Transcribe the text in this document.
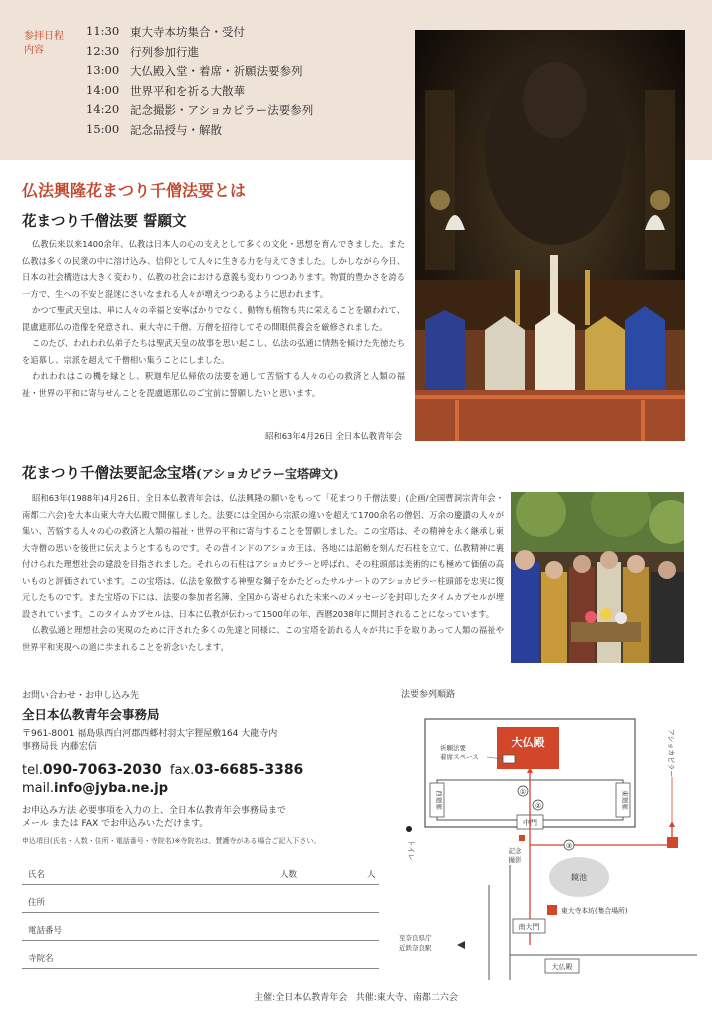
参拝日程
内容
11:30 東大寺本坊集合・受付
12:30 行列参加行進
13:00 大仏殿入堂・着席・祈願法要参列
14:00 世界平和を祈る大散華
14:20 記念撮影・アショカピラー法要参列
15:00 記念品授与・解散
仏法興隆花まつり千僧法要とは
花まつり千僧法要 誓願文

仏教伝来以来1400余年、仏教は日本人の心の支えとして多くの文化・思想を育んできました。また仏教は多くの民衆の中に溶け込み、信仰として人々に生きる力を与えてきました。しかしながら今日、日本の社会構造は大きく変わり、仏教の社会における意義も変わりつつあります。物質的豊かさを誇る一方で、生への不安と混迷にさいなまれる人々が増えつつあるように思われます。

かつて聖武天皇は、単に人々の幸福と安寧ばかりでなく、動物も植物も共に栄えることを願われて、毘盧遮那仏の造像を発意され、東大寺に千僧、万僧を招待してその開眼供養会を厳修されました。

このたび、われわれ仏弟子たちは聖武天皇の故事を思い起こし、仏法の弘通に情熱を傾けた先徳たちを追慕し、宗派を超えて千僧相い集うことにしました。

われわれはこの機を縁とし、釈迦牟尼仏帰依の法要を通して苦悩する人々の心の救済と人類の福祉・世界の平和に寄与せんことを毘盧遮那仏のご宝前に誓願したいと思います。

昭和63年4月26日 全日本仏教青年会
花まつり千僧法要記念宝塔(アショカピラー宝塔碑文)

昭和63年(1988年)4月26日、全日本仏教青年会は、仏法興隆の願いをもって「花まつり千僧法要」(企画/全国曹洞宗青年会・南都二六会)を大本山東大寺大仏殿で開催しました。法要には全国から宗派の違いを超えて1700余名の僧侶、万余の慶讃の人々が集い、苦悩する人々の心の救済と人類の福祉・世界の平和に寄与することを誓願しました。この宝塔は、その精神を永く継承し東大寺僧の思いを後世に伝えようとするものです。その昔インドのアショカ王は、各地には詔勅を刻んだ石柱を立て、仏教精神に裏付けられた理想社会の建設を目指されました。それらの石柱はアショカピラーと呼ばれ、その柱頭部は美術的にも極めて価値の高いものと評価されています。この宝塔は、仏法を象徴する神聖な獅子をかたどったサルナートのアショカピラー柱頭部を忠実に復元したものです。また宝塔の下には、法要の参加者名簿、全国から寄せられた未来へのメッセージを封印したタイムカプセルが埋設されています。このタイムカプセルは、日本に仏教が伝わって1500年の年、西暦2038年に開封されることになっています。

仏教弘通と理想社会の実現のために汗された多くの先達と同様に、この宝塔を訪れる人々が共に手を取りあって人類の福祉や世界平和実現への道に歩まれることを祈念いたします。

お問い合わせ・お申し込み先
全日本仏教青年会事務局
〒961-8001 福島県西白河郡西郷村羽太字狸屋敷164 大龍寺内
事務局長 内藤宏信
tel.090-7063-2030 fax.03-6685-3386
mail.info@jyba.ne.jp
お申込み方法 必要事項を入力の上、全日本仏教青年会事務局まで
メール または FAX でお申込みいただけます。
申込項目(氏名・人数・住所・電話番号・寺院名)※寺院名は、賛護寺がある場合ご記入下さい。
氏名	人数	人
住所
電話番号
寺院名
法要参列順路
大仏殿
祈願法要
着席スペース
西廻廊	東廻廊
中門
①
②
③
アショカピラー
トイレ	記念
撮影
鏡池
東大寺本坊(集合場所)
南大門
至奈良県庁
近鉄奈良駅
大仏殿
主催:全日本仏教青年会 共催:東大寺、南都二六会
